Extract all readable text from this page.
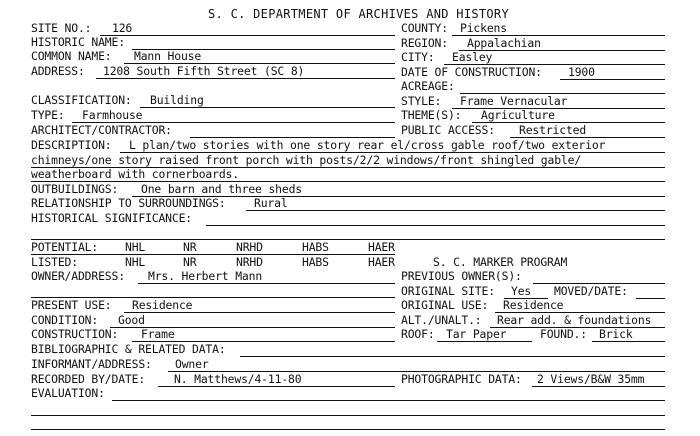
S. C. DEPARTMENT OF ARCHIVES AND HISTORY
SITE NO.: 126
HISTORIC NAME:
COMMON NAME: Mann House
ADDRESS: 1208 South Fifth Street (SC 8)
CLASSIFICATION: Building
TYPE: Farmhouse
ARCHITECT/CONTRACTOR:
COUNTY: Pickens
REGION: Appalachian
CITY: Easley
DATE OF CONSTRUCTION: 1900
ACREAGE:
STYLE: Frame Vernacular
THEME(S): Agriculture
PUBLIC ACCESS: Restricted
DESCRIPTION: L plan/two stories with one story rear el/cross gable roof/two exterior
chimneys/one story raised front porch with posts/2/2 windows/front shingled gable/
weatherboard with cornerboards.
OUTBUILDINGS: One barn and three sheds
RELATIONSHIP TO SURROUNDINGS: Rural
HISTORICAL SIGNIFICANCE:
POTENTIAL: NHL	NR	NRHD	HABS	HAER
LISTED:	NHL	NR	NRHD	HABS	HAER	S. C. MARKER PROGRAM
OWNER/ADDRESS: Mrs. Herbert Mann	PREVIOUS OWNER(S):
ORIGINAL SITE: Yes MOVED/DATE:
PRESENT USE: Residence	ORIGINAL USE: Residence
CONDITION: Good	ALT./UNALT.: Rear add. & foundations
CONSTRUCTION: Frame	ROOF: Tar Paper	FOUND.: Brick
BIBLIOGRAPHIC & RELATED DATA:
INFORMANT/ADDRESS: Owner
RECORDED BY/DATE:	N. Matthews/4-11-80	PHOTOGRAPHIC DATA: 2 Views/B&W 35mm
EVALUATION:
